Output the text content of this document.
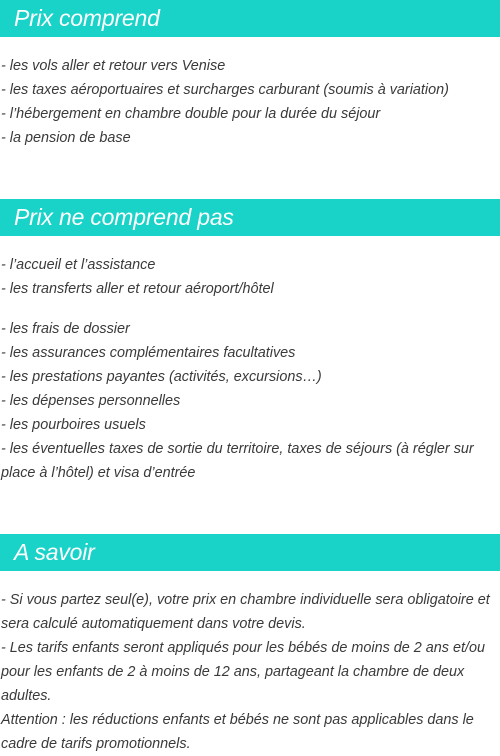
Prix comprend
- les vols aller et retour vers Venise
- les taxes aéroportuaires et surcharges carburant (soumis à variation)
- l’hébergement en chambre double pour la durée du séjour
- la pension de base
Prix ne comprend pas
- l’accueil et l’assistance
- les transferts aller et retour aéroport/hôtel
- les frais de dossier
- les assurances complémentaires facultatives
- les prestations payantes (activités, excursions…)
- les dépenses personnelles
- les pourboires usuels
- les éventuelles taxes de sortie du territoire, taxes de séjours (à régler sur place à l’hôtel) et visa d’entrée
A savoir
- Si vous partez seul(e), votre prix en chambre individuelle sera obligatoire et sera calculé automatiquement dans votre devis.
- Les tarifs enfants seront appliqués pour les bébés de moins de 2 ans et/ou pour les enfants de 2 à moins de 12 ans, partageant la chambre de deux adultes.
Attention : les réductions enfants et bébés ne sont pas applicables dans le cadre de tarifs promotionnels.
